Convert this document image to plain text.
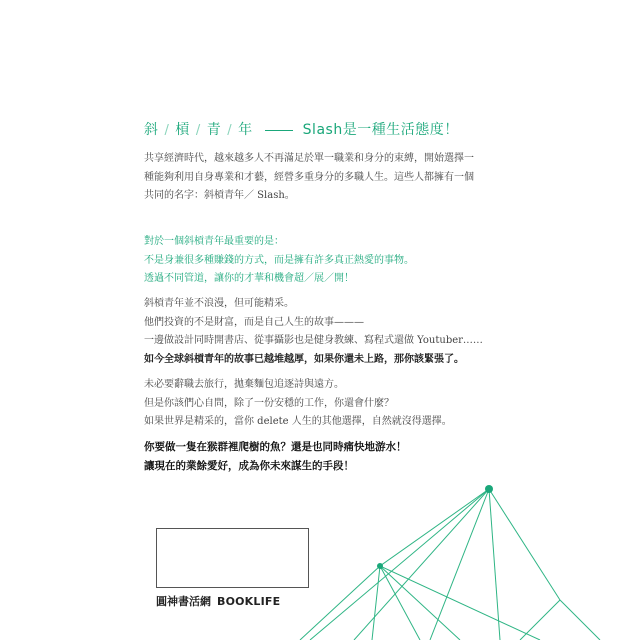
斜 / 槓 / 青 / 年	Slash是一種生活態度！
共享經濟時代，越來越多人不再滿足於單一職業和身分的束縛，開始選擇一
種能夠利用自身專業和才藝，經營多重身分的多職人生。這些人都擁有一個
共同的名字：斜槓青年／ Slash。
對於一個斜槓青年最重要的是：
不是身兼很多種賺錢的方式，而是擁有許多真正熱愛的事物。
透過不同管道，讓你的才華和機會超／展／開！
斜槓青年並不浪漫，但可能精采。
他們投資的不是財富，而是自己人生的故事———
一邊做設計同時開書店、從事攝影也是健身教練、寫程式還做 Youtuber……
如今全球斜槓青年的故事已越堆越厚，如果你還未上路，那你該緊張了。
未必要辭職去旅行，拋棄麵包追逐詩與遠方。
但是你該們心自問，除了一份安穩的工作，你還會什麼？
如果世界是精采的，當你 delete 人生的其他選擇，自然就沒得選擇。
你要做一隻在猴群裡爬樹的魚？還是也同時痛快地游水！
讓現在的業餘愛好，成為你未來謀生的手段！
圓神書活網 BOOKLIFE
